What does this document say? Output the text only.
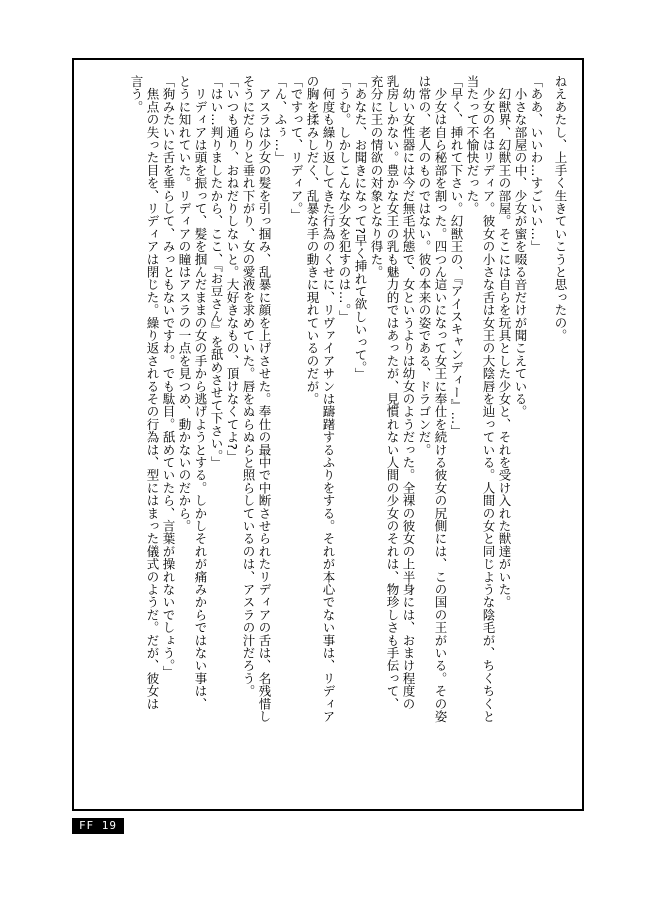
ねえあたし、上手く生きていこうと思ったの。
「ああ、いいわ…すごいい…」
　小さな部屋の中、少女が蜜を啜る音だけが聞こえている。
　幻獣界、幻獣王の部屋。そこには自らを玩具とした少女と、それを受け入れた獣達がいた。
　少女の名はリディア。彼女の小さな舌は女王の大陰唇を辿っている。人間の女と同じような陰毛が、ちくちくと
当たって不愉快だった。
「早く、挿れて下さい。幻獣王の、『アイスキャンディー』…」
　少女は自ら秘部を割った。四つん這いになって女王に奉仕を続ける彼女の尻側には、この国の王がいる。その姿
は常の、老人のものではない。彼の本来の姿である、ドラゴンだ。
　幼い女性器には今だ無毛状態で、女というよりは幼女のようだった。全裸の彼女の上半身には、おまけ程度の
乳房しかない。豊かな女王の乳も魅力的ではあったが、見慣れない人間の少女のそれは、物珍しさも手伝って、
充分に王の情欲の対象となり得た。
「あなた、お聞きになって?早く挿れて欲しいって。」
「うむ。しかしこんな少女を犯すのは…。」
　何度も繰り返してきた行為のくせに、リヴァイアサンは躊躇するふりをする。それが本心でない事は、リディア
の胸を揉みしだく、乱暴な手の動きに現れているのだが。
「ですって、リディア。」
「ん、ふぅ…」
　アスラは少女の髪を引っ掴み、乱暴に顔を上げさせた。奉仕の最中で中断させられたリディアの舌は、名残惜し
そうにだらりと垂れ下がり、女の愛液を求めていた。唇をぬらぬらと照らしているのは、アスラの汁だろう。
「いつも通り、おねだりしないと。大好きなもの、頂けなくてよ?」
「はい…判りましたから、ここ、『お豆さん』を舐めさせて下さい。」
　リディアは頭を振って、髪を掴んだままの女の手から逃げようとする。しかしそれが痛みからではない事は、
とうに知れていた。リディアの瞳はアスラの一点を見つめ、動かないのだから。
「狗みたいに舌を垂らして、みっともないですわ。でも駄目。舐めていたら、言葉が操れないでしょう。」
　焦点の失った目を、リディアは閉じた。繰り返されるその行為は、型にはまった儀式のようだ。だが、彼女は
言う。
FF 19
